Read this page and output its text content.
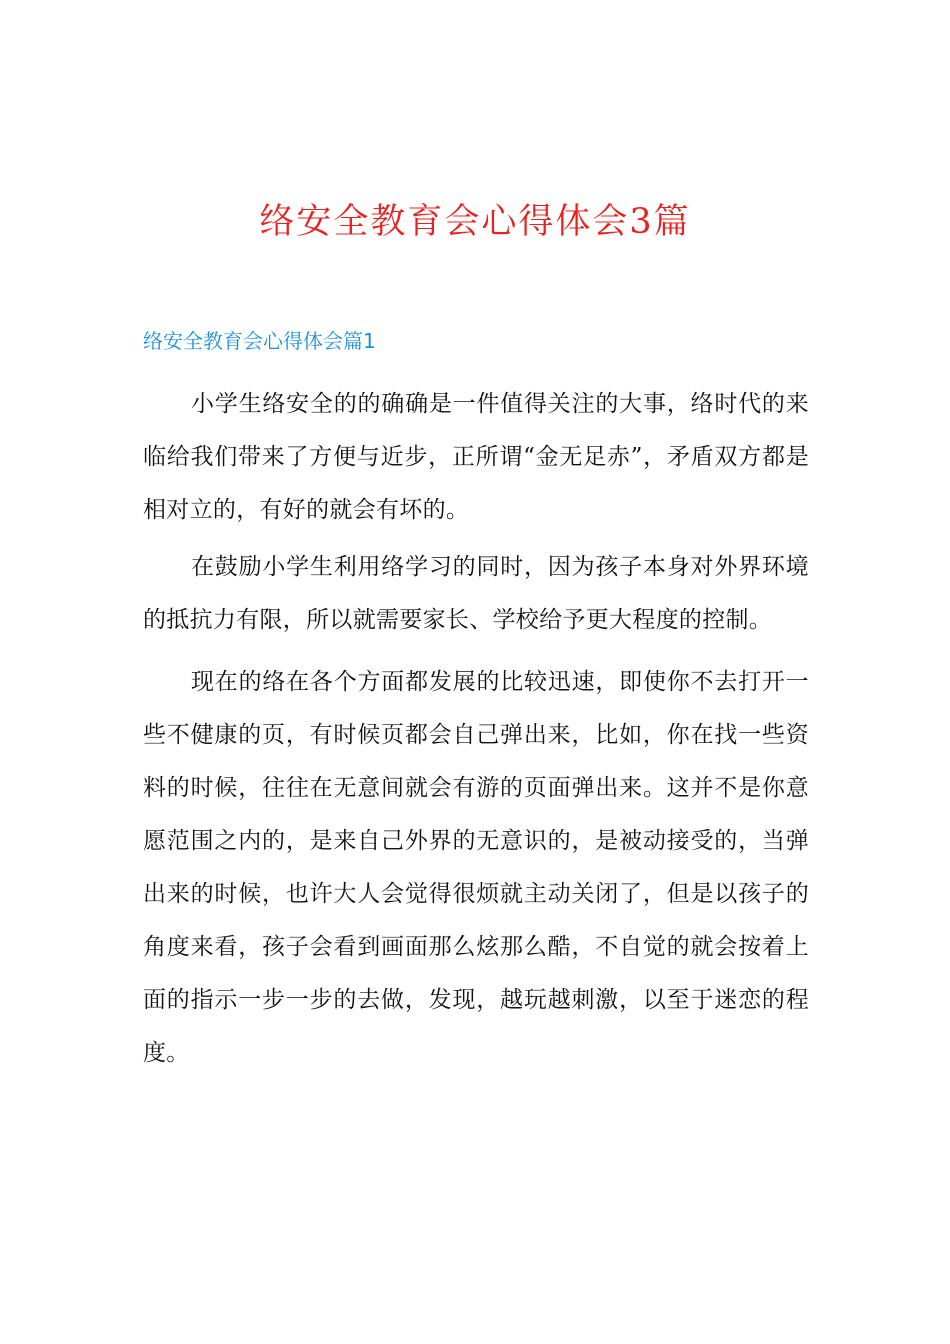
络安全教育会心得体会3篇
络安全教育会心得体会篇1

小学生络安全的的确确是一件值得关注的大事，络时代的来临给我们带来了方便与近步，正所谓“金无足赤”，矛盾双方都是相对立的，有好的就会有坏的。

在鼓励小学生利用络学习的同时，因为孩子本身对外界环境的抵抗力有限，所以就需要家长、学校给予更大程度的控制。

现在的络在各个方面都发展的比较迅速，即使你不去打开一些不健康的页，有时候页都会自己弹出来，比如，你在找一些资料的时候，往往在无意间就会有游的页面弹出来。这并不是你意愿范围之内的，是来自己外界的无意识的，是被动接受的，当弹出来的时候，也许大人会觉得很烦就主动关闭了，但是以孩子的角度来看，孩子会看到画面那么炫那么酷，不自觉的就会按着上面的指示一步一步的去做，发现，越玩越刺激，以至于迷恋的程度。
